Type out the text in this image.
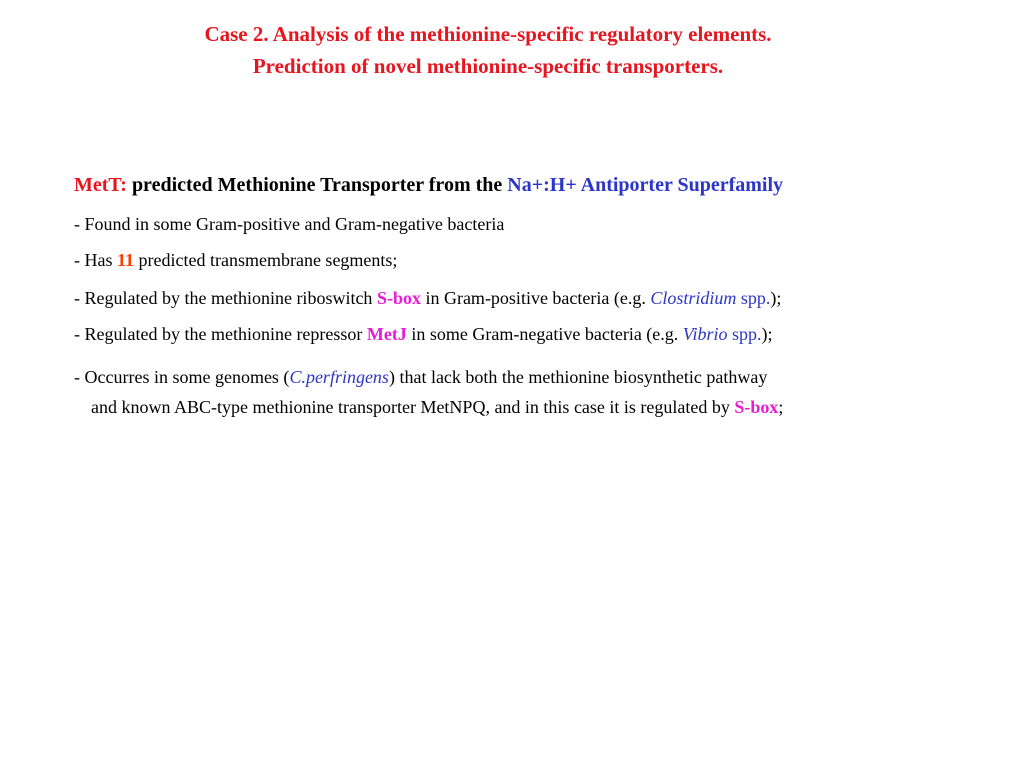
Case 2. Analysis of the methionine-specific regulatory elements.
Prediction of novel methionine-specific transporters.
MetT: predicted Methionine Transporter from the Na+:H+ Antiporter Superfamily
- Found in some Gram-positive and Gram-negative bacteria
- Has 11 predicted transmembrane segments;
- Regulated by the methionine riboswitch S-box in Gram-positive bacteria (e.g. Clostridium spp.);
- Regulated by the methionine repressor MetJ in some Gram-negative bacteria (e.g. Vibrio spp.);
- Occurres in some genomes (C.perfringens) that lack both the methionine biosynthetic pathway
and known ABC-type methionine transporter MetNPQ, and in this case it is regulated by S-box;
